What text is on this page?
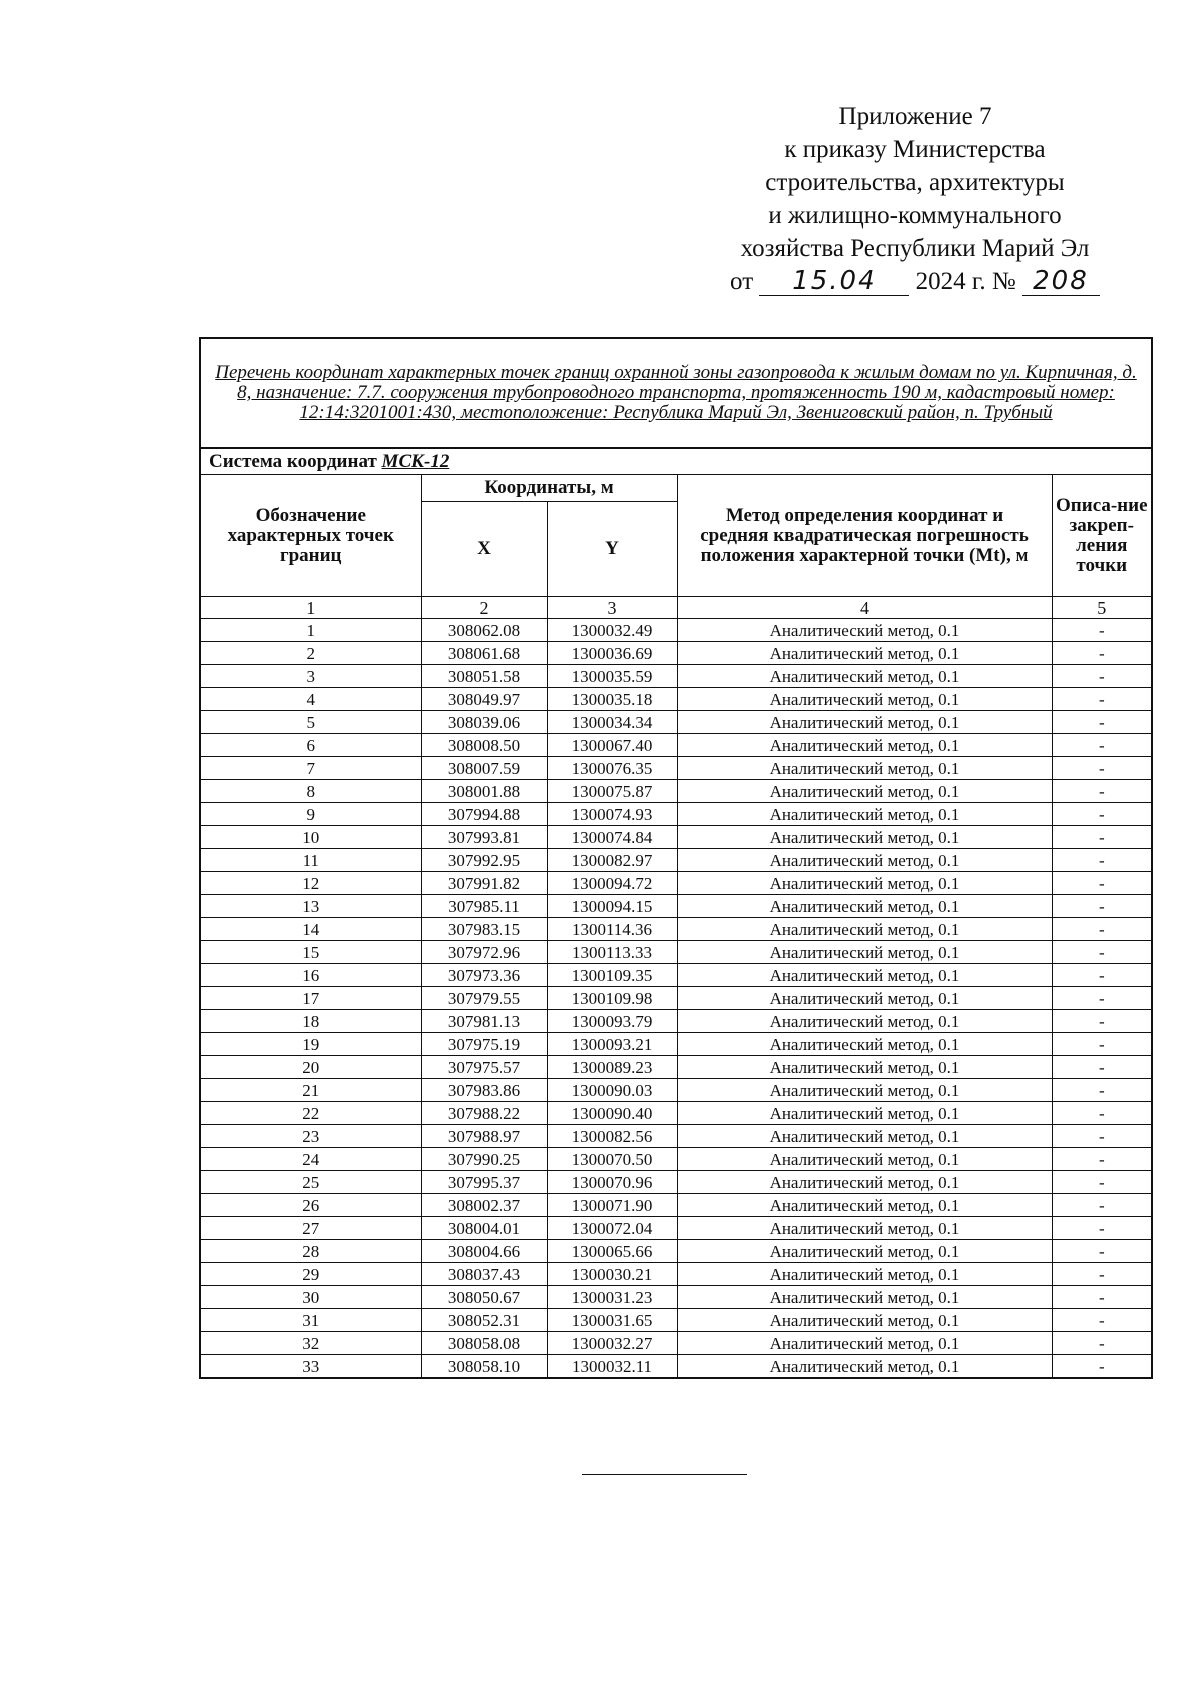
Приложение 7
к приказу Министерства
строительства, архитектуры
и жилищно-коммунального
хозяйства Республики Марий Эл
от 15.04 2024 г. № 208
Перечень координат характерных точек границ охранной зоны газопровода к жилым домам по ул. Кирпичная, д. 8, назначение: 7.7. сооружения трубопроводного транспорта, протяженность 190 м, кадастровый номер: 12:14:3201001:430, местоположение: Республика Марий Эл, Звениговский район, п. Трубный				
Система координат МСК-12				
Обозначение характерных точек границ	Координаты, м		Метод определения координат и средняя квадратическая погрешность положения характерной точки (Mt), м	Описа-ние закреп-ления точки
	X	Y		
1	2	3	4	5
1	308062.08	1300032.49	Аналитический метод, 0.1	-
2	308061.68	1300036.69	Аналитический метод, 0.1	-
3	308051.58	1300035.59	Аналитический метод, 0.1	-
4	308049.97	1300035.18	Аналитический метод, 0.1	-
5	308039.06	1300034.34	Аналитический метод, 0.1	-
6	308008.50	1300067.40	Аналитический метод, 0.1	-
7	308007.59	1300076.35	Аналитический метод, 0.1	-
8	308001.88	1300075.87	Аналитический метод, 0.1	-
9	307994.88	1300074.93	Аналитический метод, 0.1	-
10	307993.81	1300074.84	Аналитический метод, 0.1	-
11	307992.95	1300082.97	Аналитический метод, 0.1	-
12	307991.82	1300094.72	Аналитический метод, 0.1	-
13	307985.11	1300094.15	Аналитический метод, 0.1	-
14	307983.15	1300114.36	Аналитический метод, 0.1	-
15	307972.96	1300113.33	Аналитический метод, 0.1	-
16	307973.36	1300109.35	Аналитический метод, 0.1	-
17	307979.55	1300109.98	Аналитический метод, 0.1	-
18	307981.13	1300093.79	Аналитический метод, 0.1	-
19	307975.19	1300093.21	Аналитический метод, 0.1	-
20	307975.57	1300089.23	Аналитический метод, 0.1	-
21	307983.86	1300090.03	Аналитический метод, 0.1	-
22	307988.22	1300090.40	Аналитический метод, 0.1	-
23	307988.97	1300082.56	Аналитический метод, 0.1	-
24	307990.25	1300070.50	Аналитический метод, 0.1	-
25	307995.37	1300070.96	Аналитический метод, 0.1	-
26	308002.37	1300071.90	Аналитический метод, 0.1	-
27	308004.01	1300072.04	Аналитический метод, 0.1	-
28	308004.66	1300065.66	Аналитический метод, 0.1	-
29	308037.43	1300030.21	Аналитический метод, 0.1	-
30	308050.67	1300031.23	Аналитический метод, 0.1	-
31	308052.31	1300031.65	Аналитический метод, 0.1	-
32	308058.08	1300032.27	Аналитический метод, 0.1	-
33	308058.10	1300032.11	Аналитический метод, 0.1	-
